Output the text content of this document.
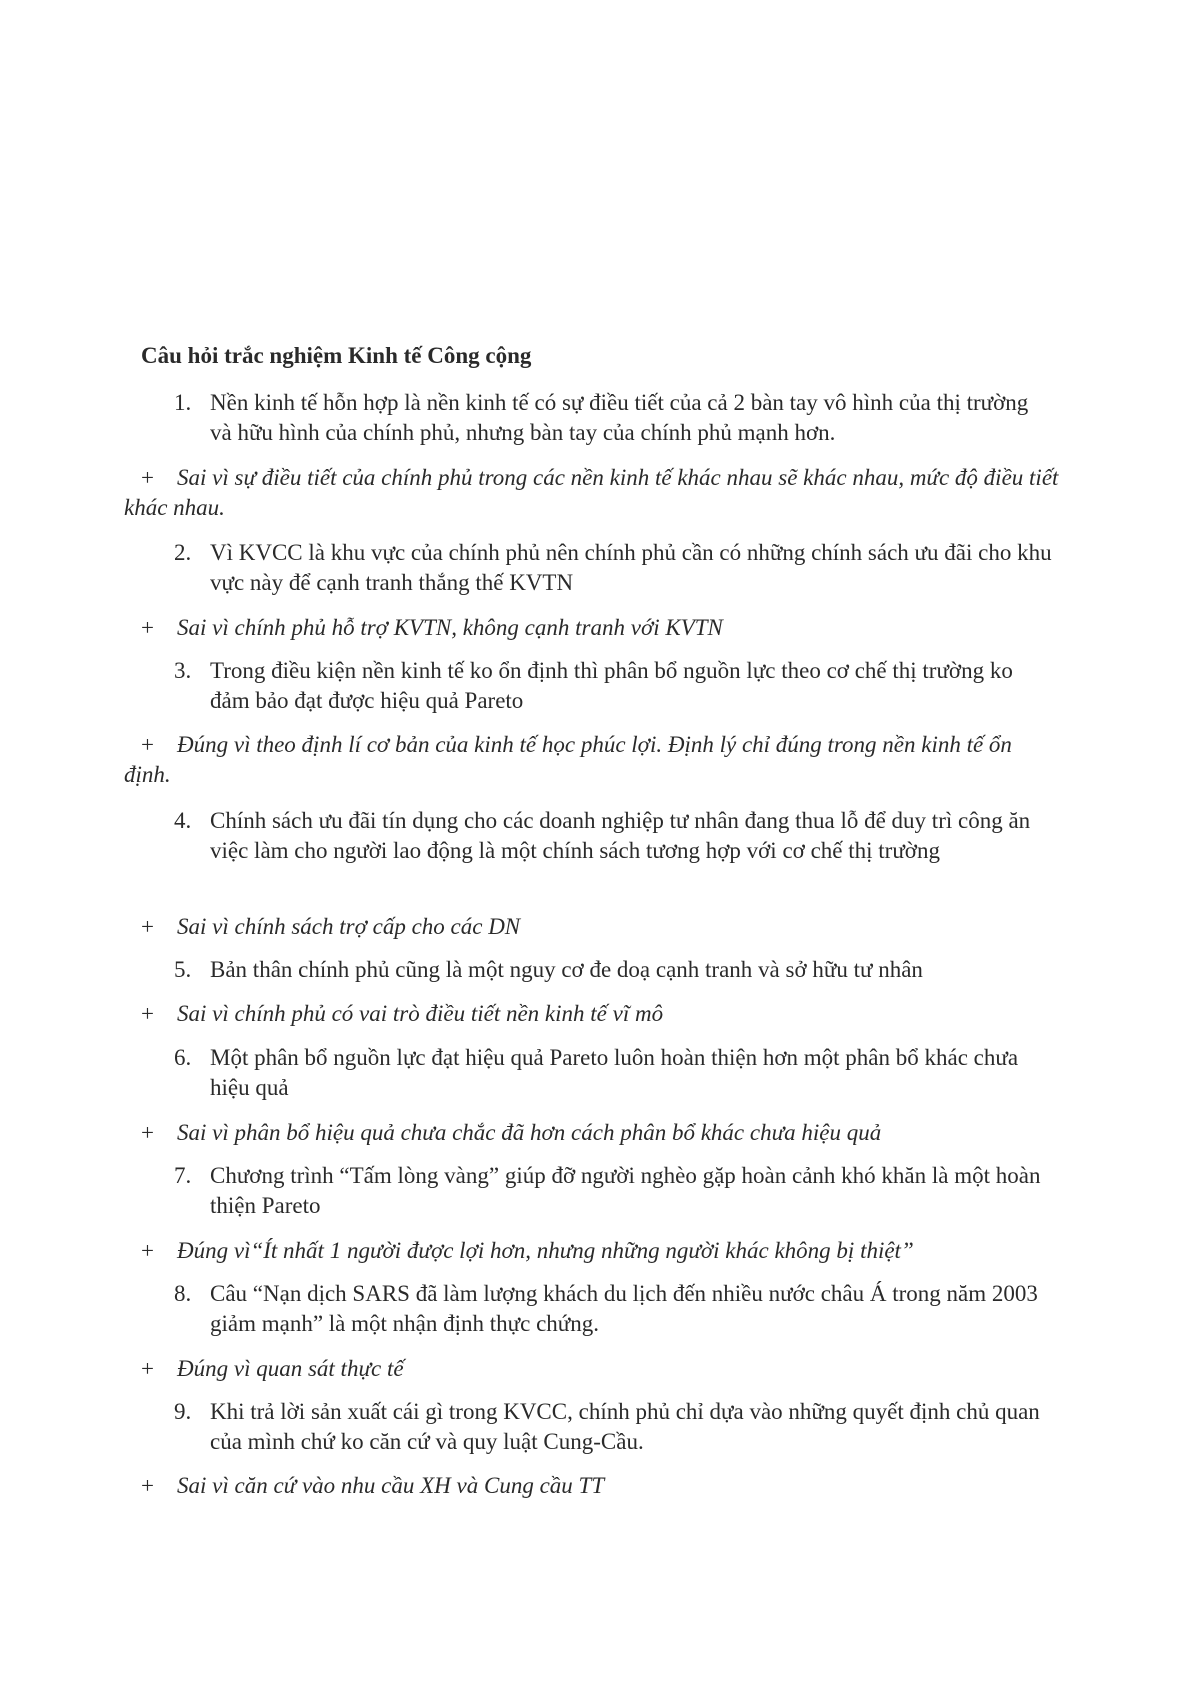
Câu hỏi trắc nghiệm Kinh tế Công cộng
1. Nền kinh tế hỗn hợp là nền kinh tế có sự điều tiết của cả 2 bàn tay vô hình của thị trường và hữu hình của chính phủ, nhưng bàn tay của chính phủ mạnh hơn.
+ Sai vì sự điều tiết của chính phủ trong các nền kinh tế khác nhau sẽ khác nhau, mức độ điều tiết khác nhau.
2. Vì KVCC là khu vực của chính phủ nên chính phủ cần có những chính sách ưu đãi cho khu vực này để cạnh tranh thắng thế KVTN
+ Sai vì chính phủ hỗ trợ KVTN, không cạnh tranh với KVTN
3. Trong điều kiện nền kinh tế ko ổn định thì phân bổ nguồn lực theo cơ chế thị trường ko đảm bảo đạt được hiệu quả Pareto
+ Đúng vì theo định lí cơ bản của kinh tế học phúc lợi. Định lý chỉ đúng trong nền kinh tế ổn định.
4. Chính sách ưu đãi tín dụng cho các doanh nghiệp tư nhân đang thua lỗ để duy trì công ăn việc làm cho người lao động là một chính sách tương hợp với cơ chế thị trường
+ Sai vì chính sách trợ cấp cho các DN
5. Bản thân chính phủ cũng là một nguy cơ đe doạ cạnh tranh và sở hữu tư nhân
+ Sai vì chính phủ có vai trò điều tiết nền kinh tế vĩ mô
6. Một phân bổ nguồn lực đạt hiệu quả Pareto luôn hoàn thiện hơn một phân bổ khác chưa hiệu quả
+ Sai vì phân bổ hiệu quả chưa chắc đã hơn cách phân bổ khác chưa hiệu quả
7. Chương trình “Tấm lòng vàng” giúp đỡ người nghèo gặp hoàn cảnh khó khăn là một hoàn thiện Pareto
+ Đúng vì“Ít nhất 1 người được lợi hơn, nhưng những người khác không bị thiệt”
8. Câu “Nạn dịch SARS đã làm lượng khách du lịch đến nhiều nước châu Á trong năm 2003 giảm mạnh” là một nhận định thực chứng.
+ Đúng vì quan sát thực tế
9. Khi trả lời sản xuất cái gì trong KVCC, chính phủ chỉ dựa vào những quyết định chủ quan của mình chứ ko căn cứ và quy luật Cung-Cầu.
+ Sai vì căn cứ vào nhu cầu XH và Cung cầu TT
